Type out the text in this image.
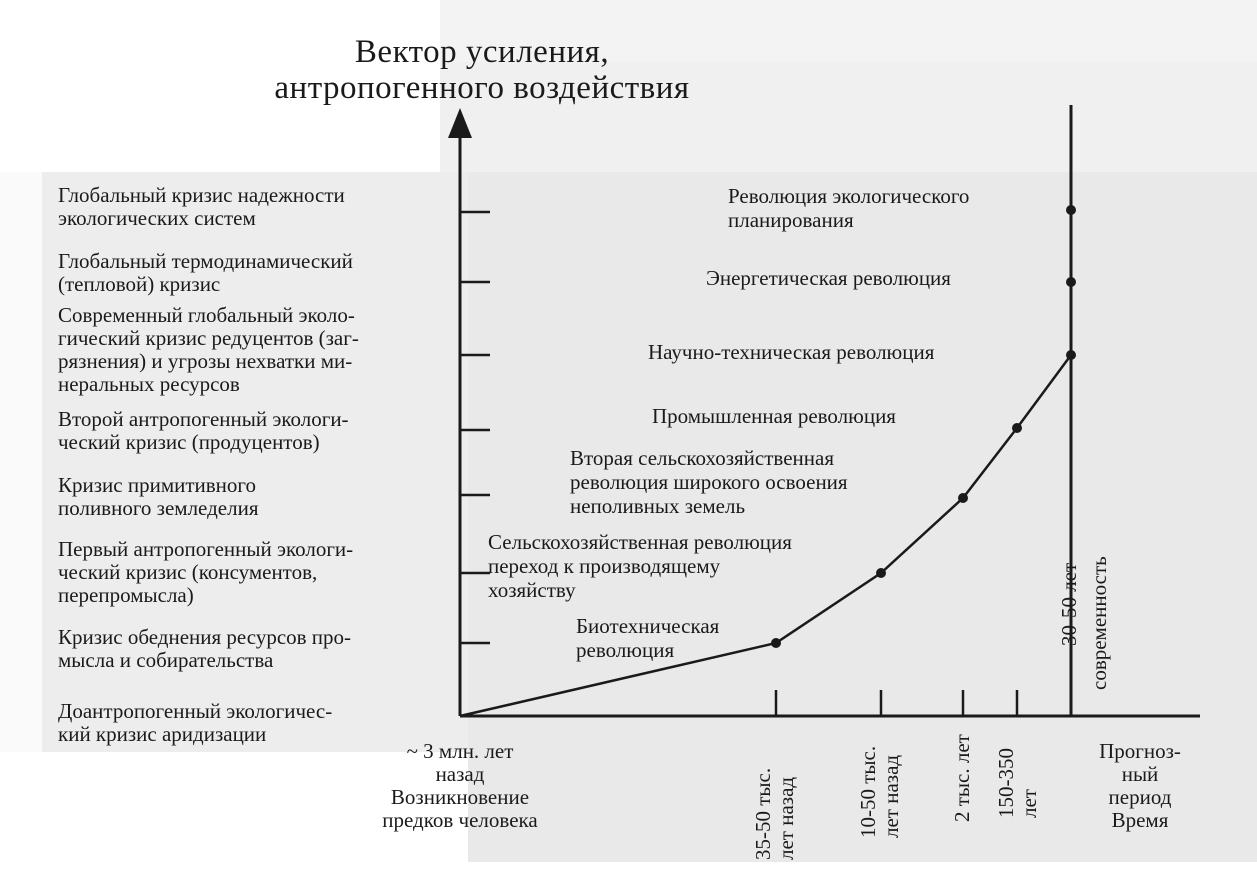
Вектор усиления,
антропогенного воздействия
Глобальный кризис надежности
экологических систем
Глобальный термодинамический
(тепловой) кризис
Современный глобальный эколо-
гический кризис редуцентов (заг-
рязнения) и угрозы нехватки ми-
неральных ресурсов
Второй антропогенный экологи-
ческий кризис (продуцентов)
Кризис примитивного
поливного земледелия
Первый антропогенный экологи-
ческий кризис (консументов,
перепромысла)
Кризис обеднения ресурсов про-
мысла и собирательства
Доантропогенный экологичес-
кий кризис аридизации
Биотехническая
революция
Сельскохозяйственная революция
переход к производящему
хозяйству
Вторая сельскохозяйственная
революция широкого освоения
неполивных земель
Промышленная революция
Научно-техническая революция
Энергетическая революция
Революция экологического
планирования
~ 3 млн. лет
назад
Возникновение
предков человека	35-50 тыс. лет назад	10-50 тыс. лет назад 2 тыс. лет 150-350 лет
30-50 лет современность
Прогноз-
ный
период
Время
